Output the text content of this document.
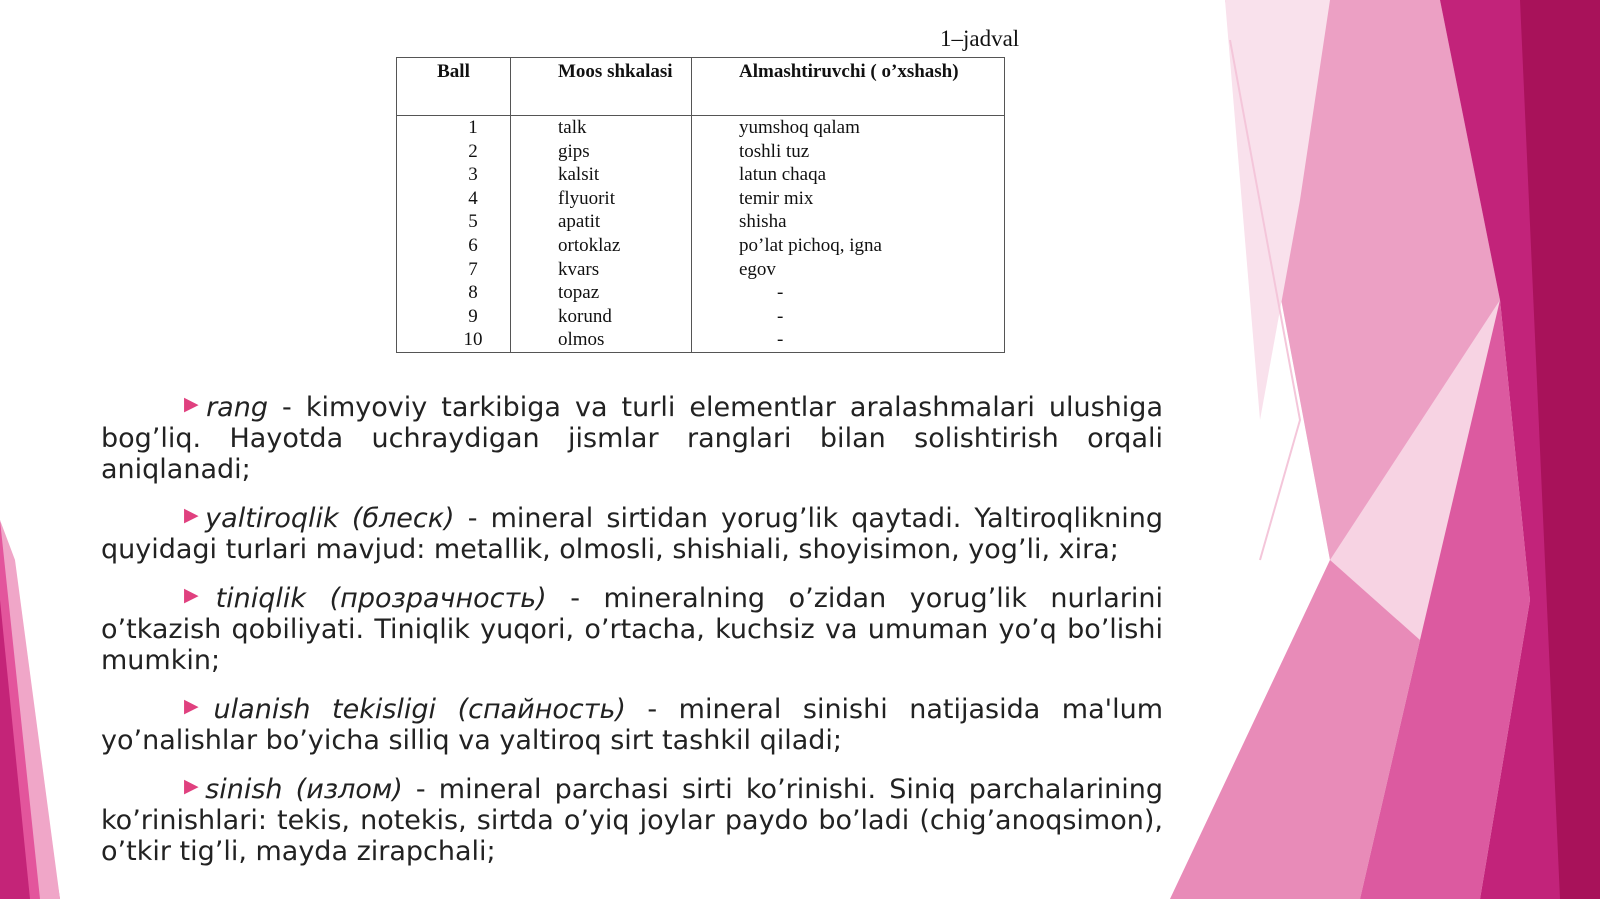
1–jadval
Ball	Moos shkalasi	Almashtiruvchi ( o’xshash)
1	talk	yumshoq qalam
2	gips	toshli tuz
3	kalsit	latun chaqa
4	flyuorit	temir mix
5	apatit	shisha
6	ortoklaz	po’lat pichoq, igna
7	kvars	egov
8	topaz	-
9	korund	-
10	olmos	-

▶rang - kimyoviy tarkibiga va turli elementlar aralashmalari ulushiga bog’liq. Hayotda uchraydigan jismlar ranglari bilan solishtirish orqali aniqlanadi;

▶yaltiroqlik (блеск) - mineral sirtidan yorug’lik qaytadi. Yaltiroqlikning quyidagi turlari mavjud: metallik, olmosli, shishiali, shoyisimon, yog’li, xira;

▶tiniqlik (прозрачность) - mineralning o’zidan yorug’lik nurlarini o’tkazish qobiliyati. Tiniqlik yuqori, o’rtacha, kuchsiz va umuman yo’q bo’lishi mumkin;

▶ulanish tekisligi (спайность) - mineral sinishi natijasida ma'lum yo’nalishlar bo’yicha silliq va yaltiroq sirt tashkil qiladi;

▶sinish (излом) - mineral parchasi sirti ko’rinishi. Siniq parchalarining ko’rinishlari: tekis, notekis, sirtda o’yiq joylar paydo bo’ladi (chig’anoqsimon), o’tkir tig’li, mayda zirapchali;
